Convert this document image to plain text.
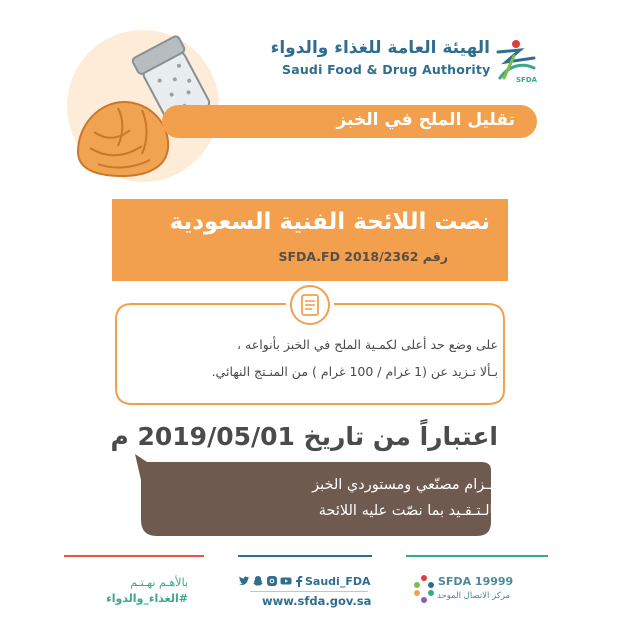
الهيئة العامة للغذاء والدواء
Saudi Food & Drug Authority
SFDA
تقليل الملح في الخبز
نصت اللائحة الفنية السعودية
رقم SFDA.FD 2018/2362
على وضع حد أعلى لكمـية الملح في الخبز بأنواعه ،
بـألا تـزيد عن (1 غرام / 100 غرام ) من المنـتج النهائي.
اعتباراً من تاريخ 2019/05/01 م
إلـزام مصنّعي ومستوردي الخبز
بالـتـقـيد بما نصّت عليه اللائحة
بالأهـم نهـتـم
#الغذاء_والدواء
Saudi_FDA
www.sfda.gov.sa
SFDA 19999
مركز الاتصال الموحد
